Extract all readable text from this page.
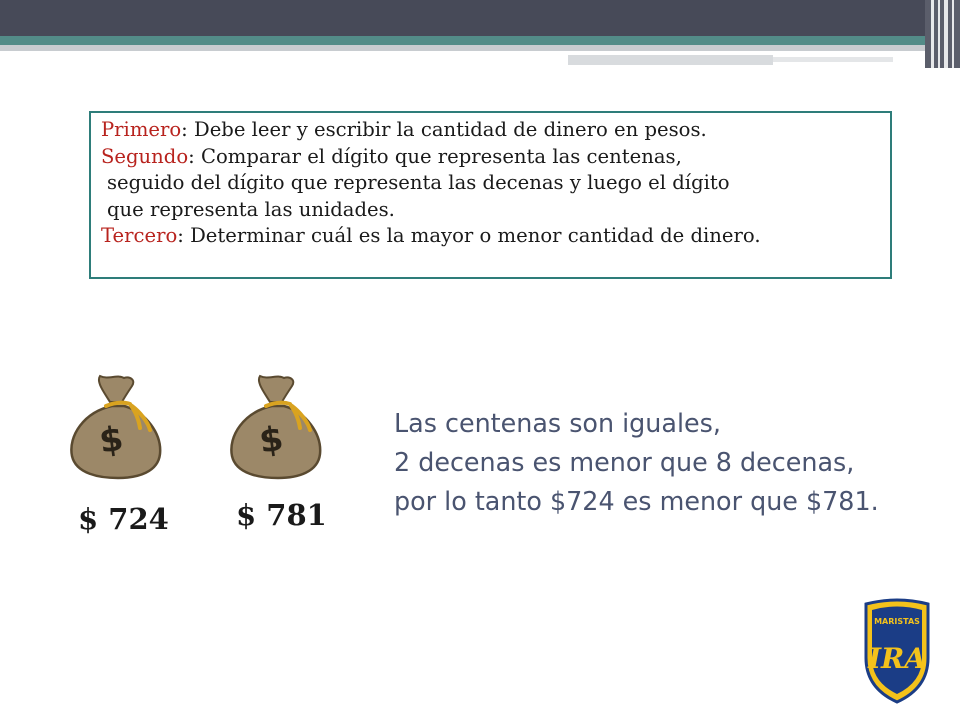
Primero: Debe leer y escribir la cantidad de dinero en pesos.
Segundo: Comparar el dígito que representa las centenas,
seguido del dígito que representa las decenas y luego el dígito
que representa las unidades.
Tercero: Determinar cuál es la mayor o menor cantidad de dinero.
$
$ 724
$
$ 781
Las centenas son iguales,
2 decenas es menor que 8 decenas,
por lo tanto $724 es menor que $781.
MARISTAS
IRA
